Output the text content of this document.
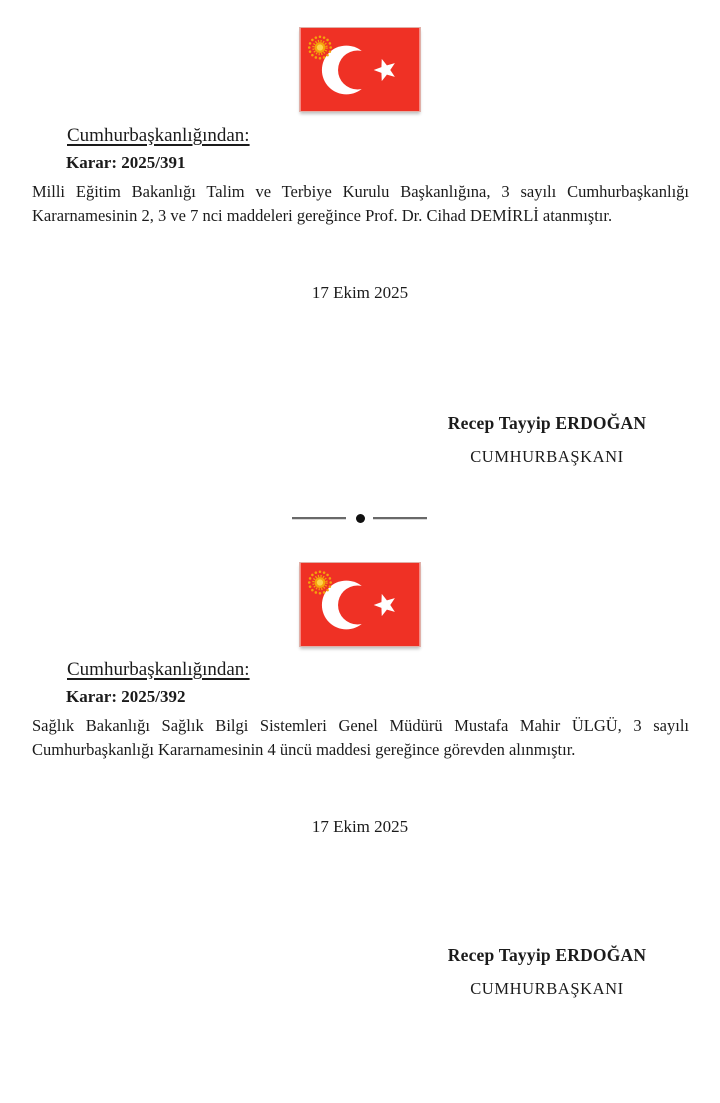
Cumhurbaşkanlığından:
Karar: 2025/391
Milli Eğitim Bakanlığı Talim ve Terbiye Kurulu Başkanlığına, 3 sayılı Cumhurbaşkanlığı Kararnamesinin 2, 3 ve 7 nci maddeleri gereğince Prof. Dr. Cihad DEMİRLİ atanmıştır.
17 Ekim 2025
Recep Tayyip ERDOĞAN
CUMHURBAŞKANI
Cumhurbaşkanlığından:
Karar: 2025/392
Sağlık Bakanlığı Sağlık Bilgi Sistemleri Genel Müdürü Mustafa Mahir ÜLGÜ, 3 sayılı Cumhurbaşkanlığı Kararnamesinin 4 üncü maddesi gereğince görevden alınmıştır.
17 Ekim 2025
Recep Tayyip ERDOĞAN
CUMHURBAŞKANI
